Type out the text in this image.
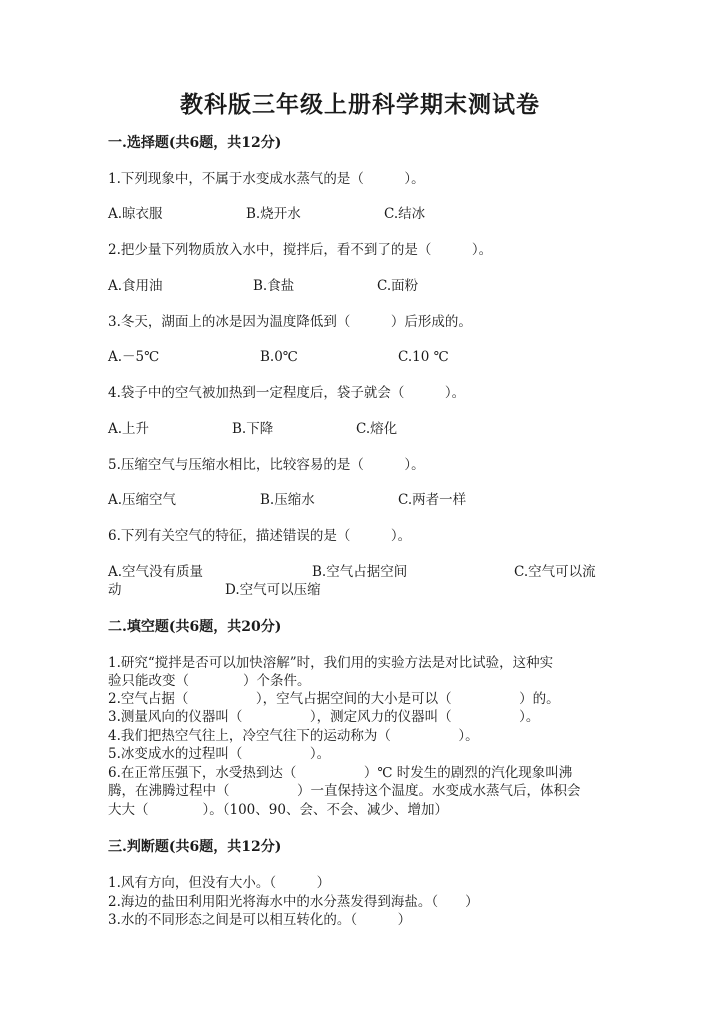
教科版三年级上册科学期末测试卷
一.选择题(共6题，共12分)
1.下列现象中，不属于水变成水蒸气的是（　　　）。
A.晾衣服	B.烧开水	C.结冰
2.把少量下列物质放入水中，搅拌后，看不到了的是（　　　）。
A.食用油	B.食盐	C.面粉
3.冬天，湖面上的冰是因为温度降低到（　　　）后形成的。
A.－5℃	B.0℃	C.10 ℃
4.袋子中的空气被加热到一定程度后，袋子就会（　　　）。
A.上升	B.下降	C.熔化
5.压缩空气与压缩水相比，比较容易的是（　　　）。
A.压缩空气	B.压缩水	C.两者一样
6.下列有关空气的特征，描述错误的是（　　　）。
A.空气没有质量	B.空气占据空间	C.空气可以流
动	D.空气可以压缩
二.填空题(共6题，共20分)
1.研究“搅拌是否可以加快溶解”时，我们用的实验方法是对比试验，这种实
验只能改变（　　　　）个条件。
2.空气占据（　　　　　），空气占据空间的大小是可以（　　　　　）的。
3.测量风向的仪器叫（　　　　　），测定风力的仪器叫（　　　　　）。
4.我们把热空气往上，冷空气往下的运动称为（　　　　　）。
5.冰变成水的过程叫（　　　　　）。
6.在正常压强下，水受热到达（　　　　　）℃ 时发生的剧烈的汽化现象叫沸
腾，在沸腾过程中（　　　　　）一直保持这个温度。水变成水蒸气后，体积会
大大（　　　　）。（100、90、会、不会、减少、增加）
三.判断题(共6题，共12分)
1.风有方向，但没有大小。（　　　）
2.海边的盐田利用阳光将海水中的水分蒸发得到海盐。（　　）
3.水的不同形态之间是可以相互转化的。（　　　）
